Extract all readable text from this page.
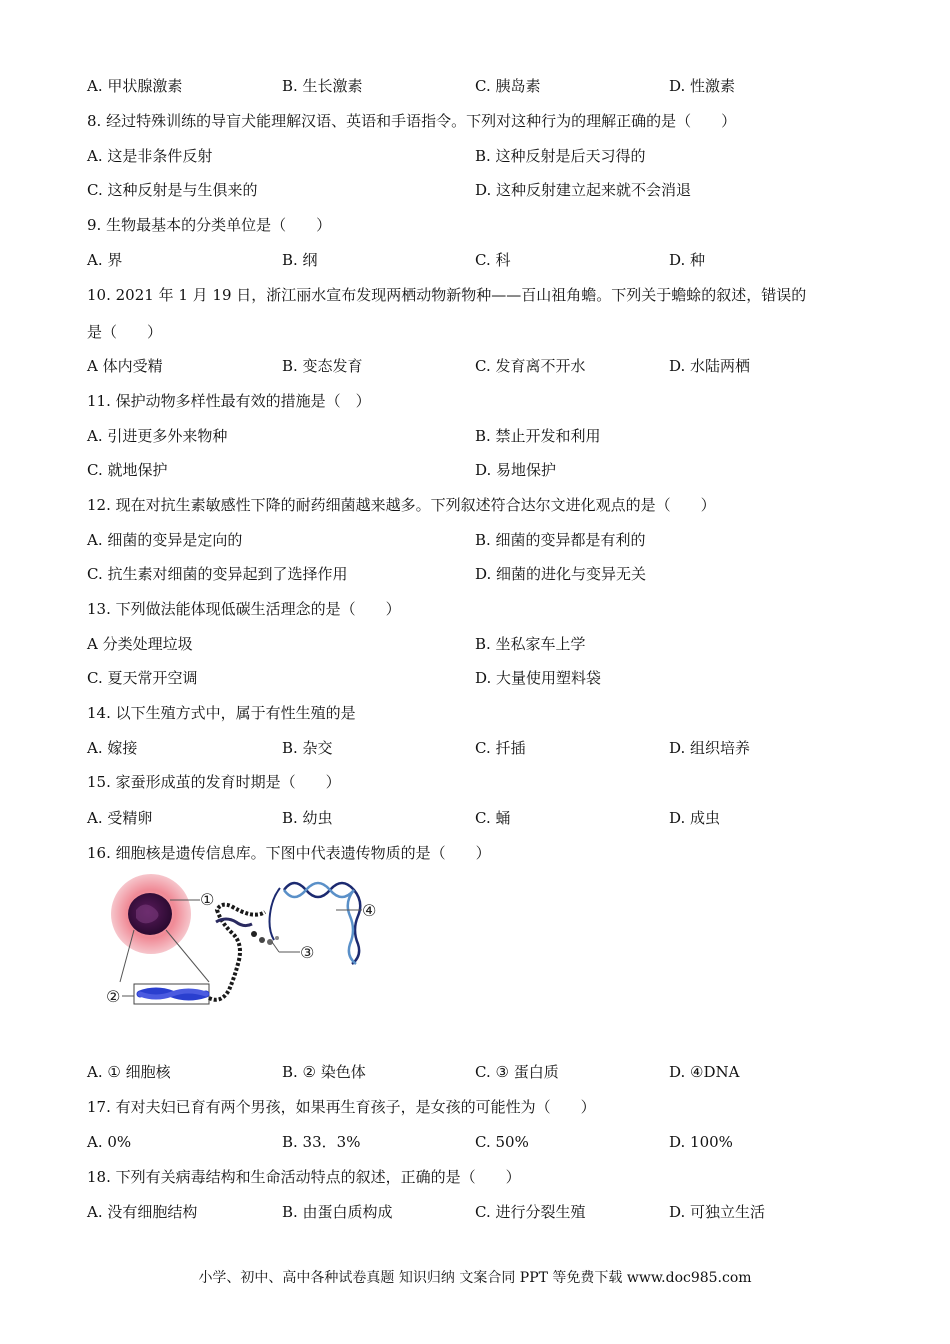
A. 甲状腺激素	B. 生长激素	C. 胰岛素	D. 性激素
8. 经过特殊训练的导盲犬能理解汉语、英语和手语指令。下列对这种行为的理解正确的是（　　）
A. 这是非条件反射	B. 这种反射是后天习得的
C. 这种反射是与生俱来的	D. 这种反射建立起来就不会消退
9. 生物最基本的分类单位是（　　）
A. 界	B. 纲	C. 科	D. 种
10. 2021 年 1 月 19 日，浙江丽水宣布发现两栖动物新物种——百山祖角蟾。下列关于蟾蜍的叙述，错误的
是（　　）
A 体内受精	B. 变态发育	C. 发育离不开水	D. 水陆两栖
11. 保护动物多样性最有效的措施是（　）
A. 引进更多外来物种	B. 禁止开发和利用
C. 就地保护	D. 易地保护
12. 现在对抗生素敏感性下降的耐药细菌越来越多。下列叙述符合达尔文进化观点的是（　　）
A. 细菌的变异是定向的	B. 细菌的变异都是有利的
C. 抗生素对细菌的变异起到了选择作用	D. 细菌的进化与变异无关
13. 下列做法能体现低碳生活理念的是（　　）
A 分类处理垃圾	B. 坐私家车上学
C. 夏天常开空调	D. 大量使用塑料袋
14. 以下生殖方式中，属于有性生殖的是
A. 嫁接	B. 杂交	C. 扦插	D. 组织培养
15. 家蚕形成茧的发育时期是（　　）
A. 受精卵	B. 幼虫	C. 蛹	D. 成虫
16. 细胞核是遗传信息库。下图中代表遗传物质的是（　　）
①
②
③
④
A. ① 细胞核	B. ② 染色体	C. ③ 蛋白质	D. ④DNA
17. 有对夫妇已育有两个男孩，如果再生育孩子，是女孩的可能性为（　　）
A. 0%	B. 33．3%	C. 50%	D. 100%
18. 下列有关病毒结构和生命活动特点的叙述，正确的是（　　）
A. 没有细胞结构	B. 由蛋白质构成	C. 进行分裂生殖	D. 可独立生活
小学、初中、高中各种试卷真题 知识归纳 文案合同 PPT 等免费下载 www.doc985.com
